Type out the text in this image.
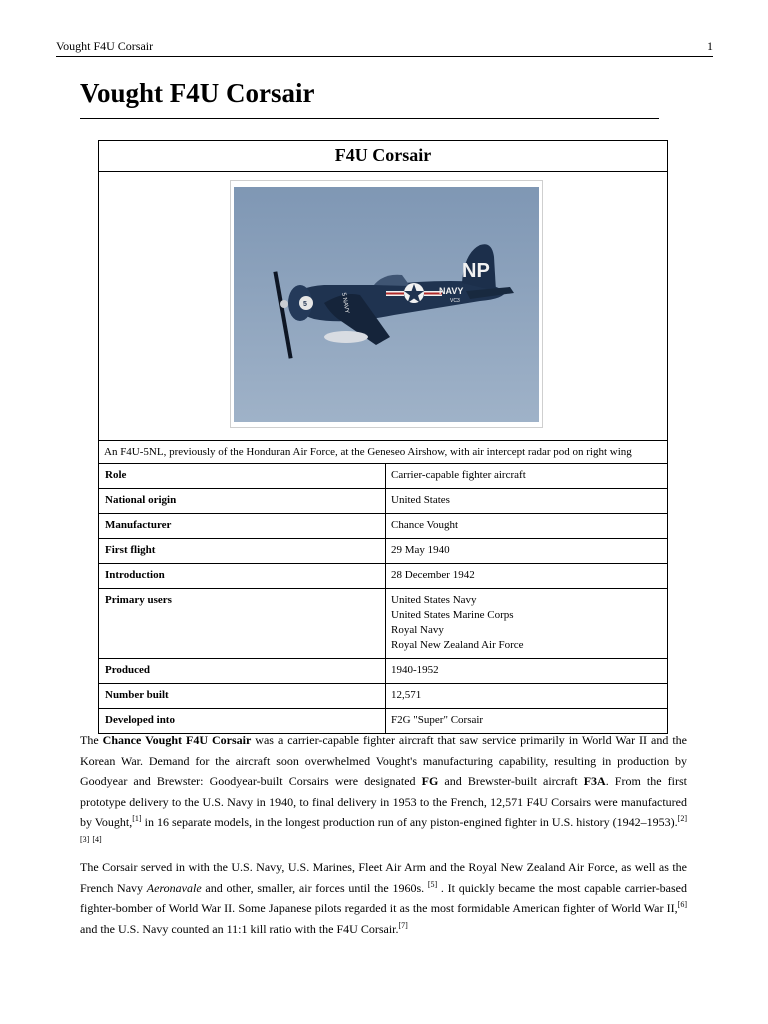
Vought F4U Corsair	1
Vought F4U Corsair
F4U Corsair
NP
NAVY
VC3
5 NAVY
5
An F4U-5NL, previously of the Honduran Air Force, at the Geneseo Airshow, with air intercept radar pod on right wing
Role	Carrier-capable fighter aircraft

National origin	United States

Manufacturer	Chance Vought

First flight	29 May 1940

Introduction	28 December 1942

Primary users	United States Navy
United States Marine Corps
Royal Navy
Royal New Zealand Air Force

Produced	1940-1952

Number built	12,571

Developed into	F2G "Super" Corsair

The Chance Vought F4U Corsair was a carrier-capable fighter aircraft that saw service primarily in World War II and the Korean War. Demand for the aircraft soon overwhelmed Vought's manufacturing capability, resulting in production by Goodyear and Brewster: Goodyear-built Corsairs were designated FG and Brewster-built aircraft F3A. From the first prototype delivery to the U.S. Navy in 1940, to final delivery in 1953 to the French, 12,571 F4U Corsairs were manufactured by Vought,[1] in 16 separate models, in the longest production run of any piston-engined fighter in U.S. history (1942–1953).[2] [3] [4]

The Corsair served in with the U.S. Navy, U.S. Marines, Fleet Air Arm and the Royal New Zealand Air Force, as well as the French Navy Aeronavale and other, smaller, air forces until the 1960s. [5] . It quickly became the most capable carrier-based fighter-bomber of World War II. Some Japanese pilots regarded it as the most formidable American fighter of World War II,[6] and the U.S. Navy counted an 11:1 kill ratio with the F4U Corsair.[7]
